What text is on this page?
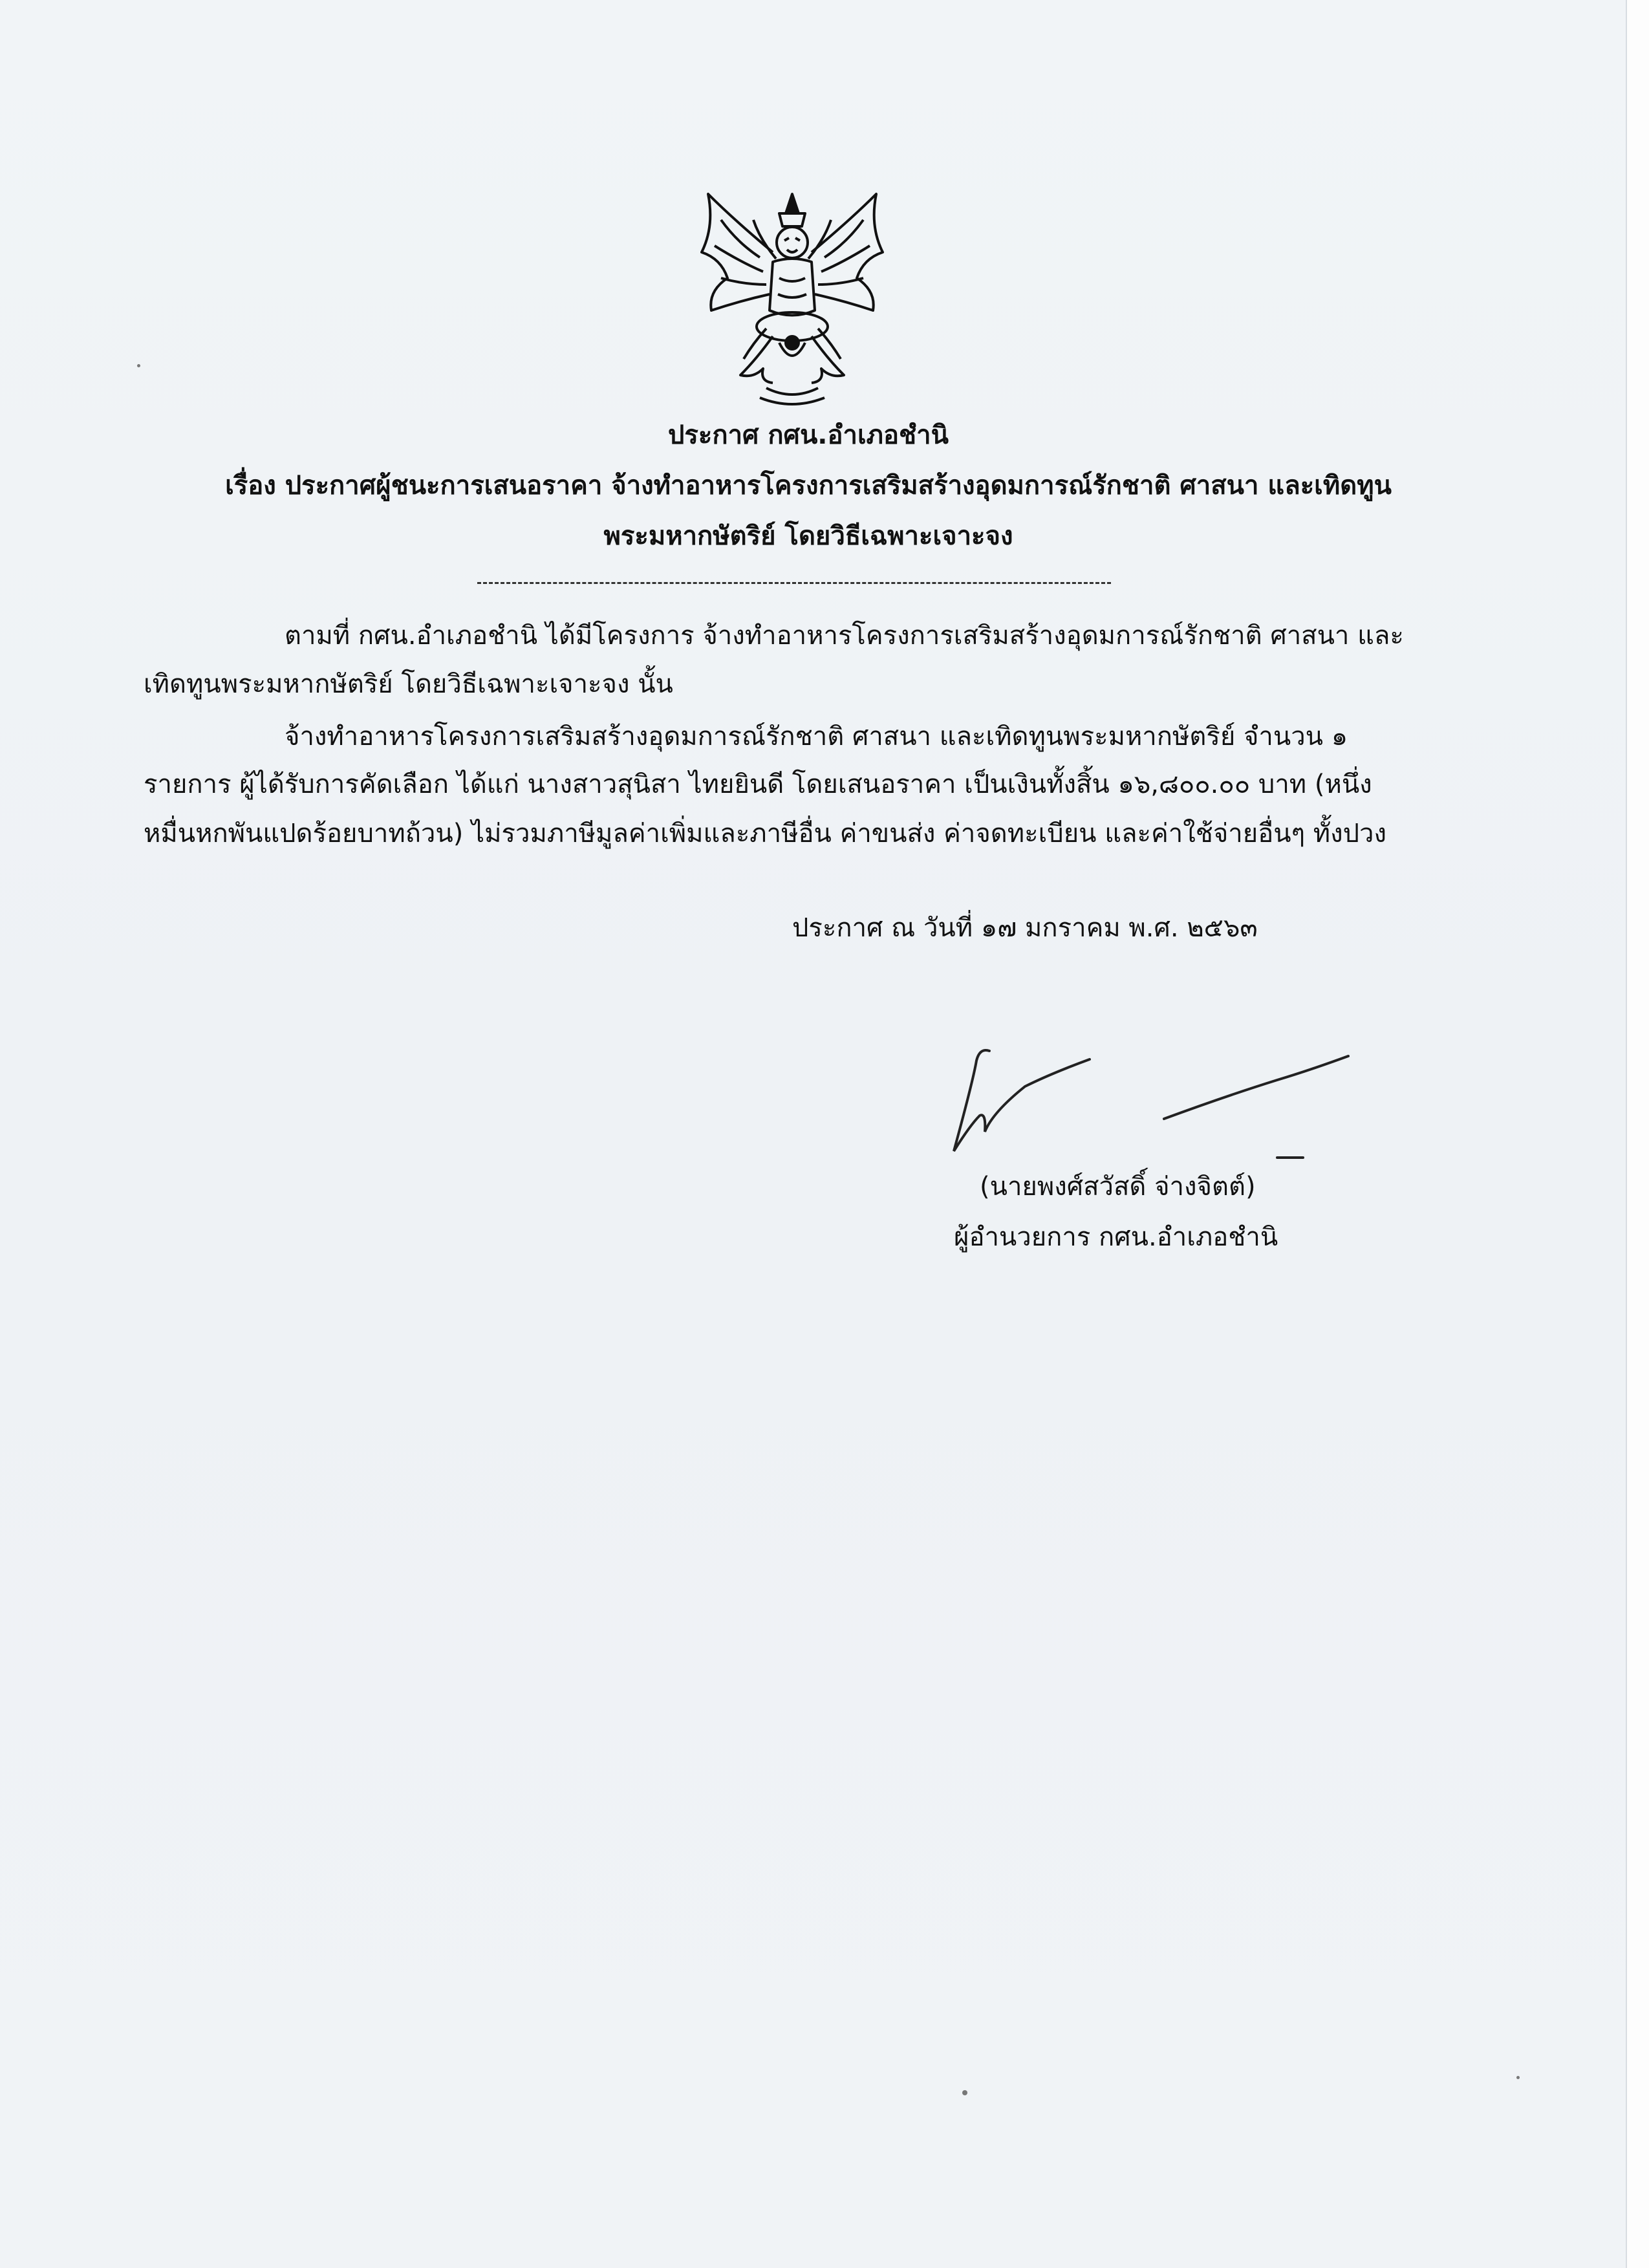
ประกาศ กศน.อำเภอชำนิ
เรื่อง ประกาศผู้ชนะการเสนอราคา จ้างทำอาหารโครงการเสริมสร้างอุดมการณ์รักชาติ ศาสนา และเทิดทูน
พระมหากษัตริย์ โดยวิธีเฉพาะเจาะจง
ตามที่ กศน.อำเภอชำนิ ได้มีโครงการ จ้างทำอาหารโครงการเสริมสร้างอุดมการณ์รักชาติ ศาสนา และ
เทิดทูนพระมหากษัตริย์ โดยวิธีเฉพาะเจาะจง นั้น
จ้างทำอาหารโครงการเสริมสร้างอุดมการณ์รักชาติ ศาสนา และเทิดทูนพระมหากษัตริย์ จำนวน ๑
รายการ ผู้ได้รับการคัดเลือก ได้แก่ นางสาวสุนิสา ไทยยินดี โดยเสนอราคา เป็นเงินทั้งสิ้น ๑๖,๘๐๐.๐๐ บาท (หนึ่ง
หมื่นหกพันแปดร้อยบาทถ้วน) ไม่รวมภาษีมูลค่าเพิ่มและภาษีอื่น ค่าขนส่ง ค่าจดทะเบียน และค่าใช้จ่ายอื่นๆ ทั้งปวง
ประกาศ ณ วันที่ ๑๗ มกราคม พ.ศ. ๒๕๖๓
(นายพงศ์สวัสดิ์ จ่างจิตต์)
ผู้อำนวยการ กศน.อำเภอชำนิ
